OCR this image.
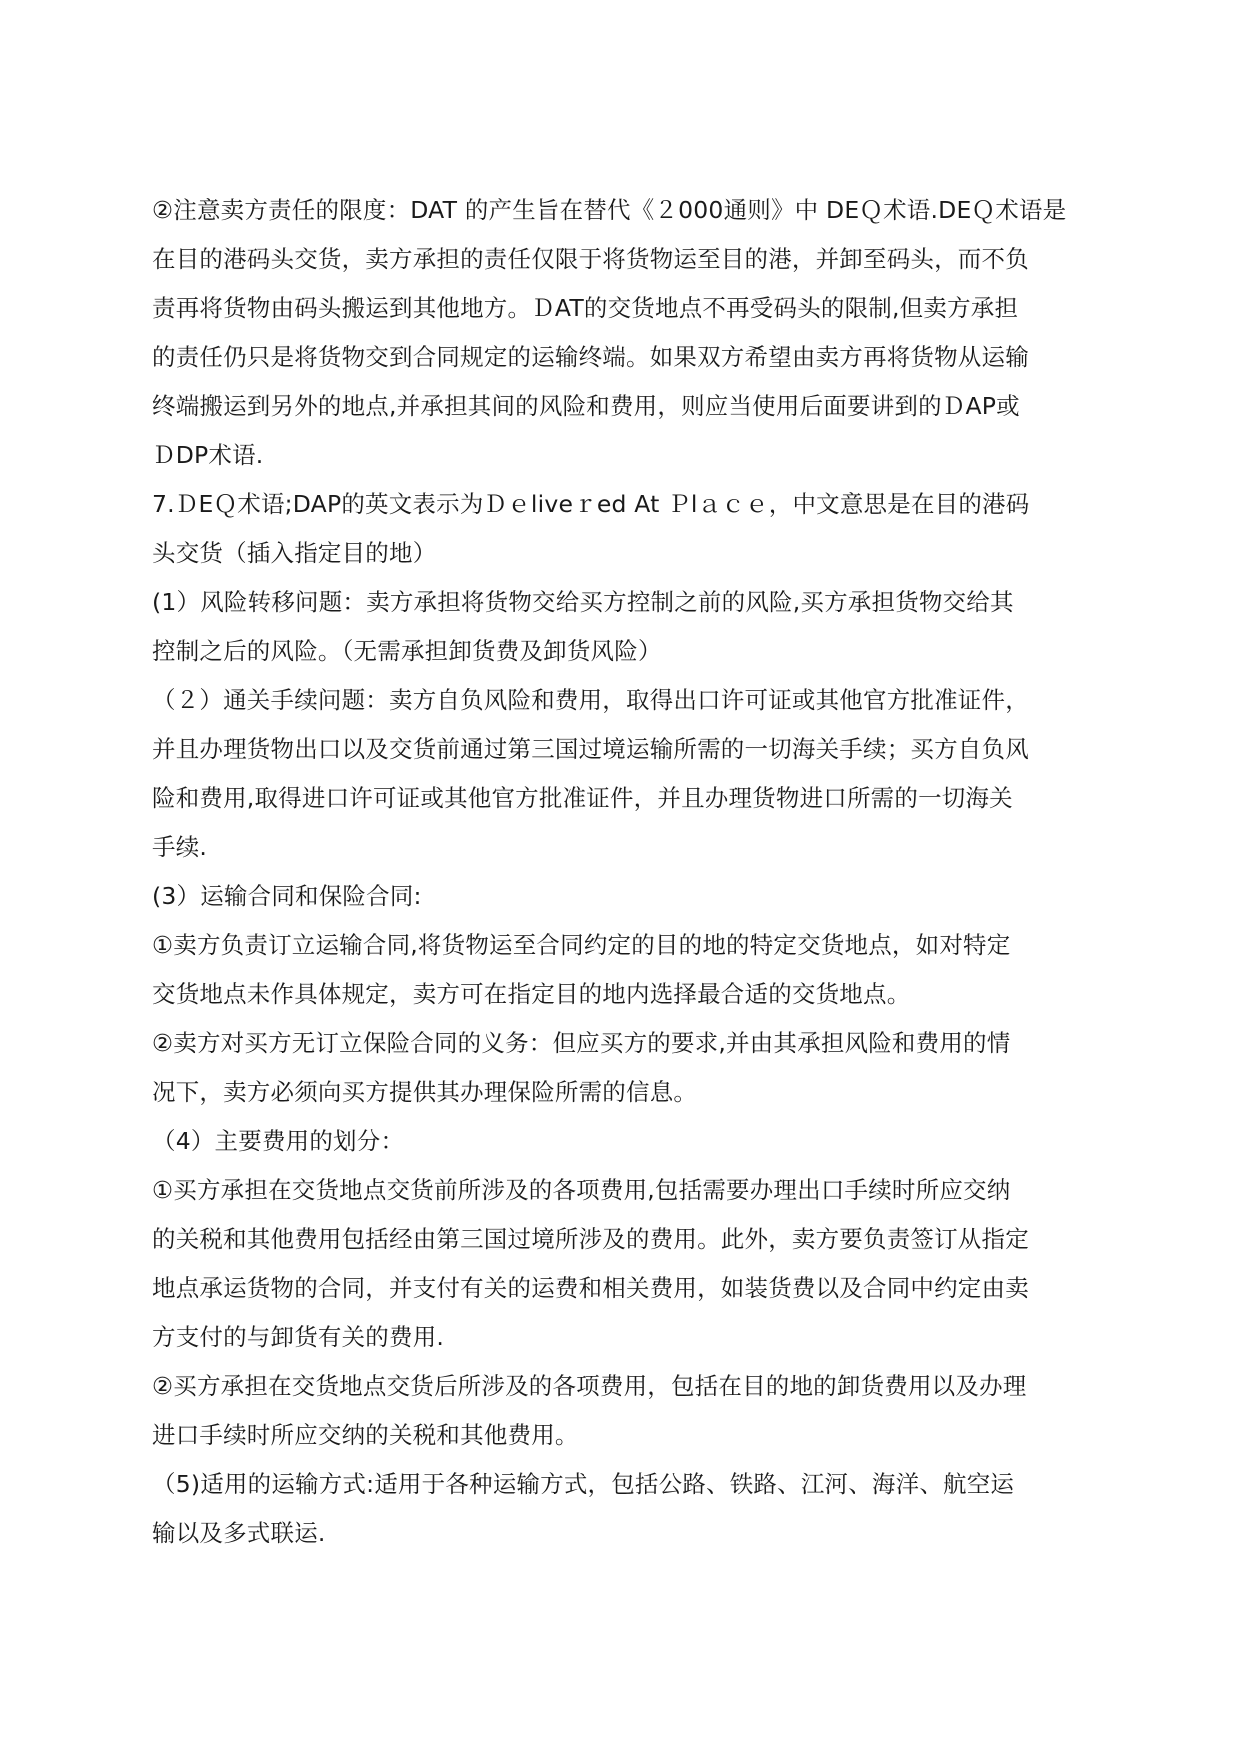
②注意卖方责任的限度：DAT 的产生旨在替代《２000通则》中 DEＱ术语.DEＱ术语是
在目的港码头交货，卖方承担的责任仅限于将货物运至目的港，并卸至码头，而不负
责再将货物由码头搬运到其他地方。ＤAT的交货地点不再受码头的限制,但卖方承担
的责任仍只是将货物交到合同规定的运输终端。如果双方希望由卖方再将货物从运输
终端搬运到另外的地点,并承担其间的风险和费用，则应当使用后面要讲到的ＤAP或
ＤDP术语.
7.ＤEＱ术语;DAP的英文表示为Ｄｅliveｒed At Ｐlａｃｅ，中文意思是在目的港码
头交货（插入指定目的地）
(1）风险转移问题：卖方承担将货物交给买方控制之前的风险,买方承担货物交给其
控制之后的风险。（无需承担卸货费及卸货风险）
（２）通关手续问题：卖方自负风险和费用，取得出口许可证或其他官方批准证件，
并且办理货物出口以及交货前通过第三国过境运输所需的一切海关手续；买方自负风
险和费用,取得进口许可证或其他官方批准证件，并且办理货物进口所需的一切海关
手续.
(3）运输合同和保险合同:
①卖方负责订立运输合同,将货物运至合同约定的目的地的特定交货地点，如对特定
交货地点未作具体规定，卖方可在指定目的地内选择最合适的交货地点。
②卖方对买方无订立保险合同的义务：但应买方的要求,并由其承担风险和费用的情
况下，卖方必须向买方提供其办理保险所需的信息。
（4）主要费用的划分：
①买方承担在交货地点交货前所涉及的各项费用,包括需要办理出口手续时所应交纳
的关税和其他费用包括经由第三国过境所涉及的费用。此外，卖方要负责签订从指定
地点承运货物的合同，并支付有关的运费和相关费用，如装货费以及合同中约定由卖
方支付的与卸货有关的费用.
②买方承担在交货地点交货后所涉及的各项费用，包括在目的地的卸货费用以及办理
进口手续时所应交纳的关税和其他费用。
（5)适用的运输方式:适用于各种运输方式，包括公路、铁路、江河、海洋、航空运
输以及多式联运.
